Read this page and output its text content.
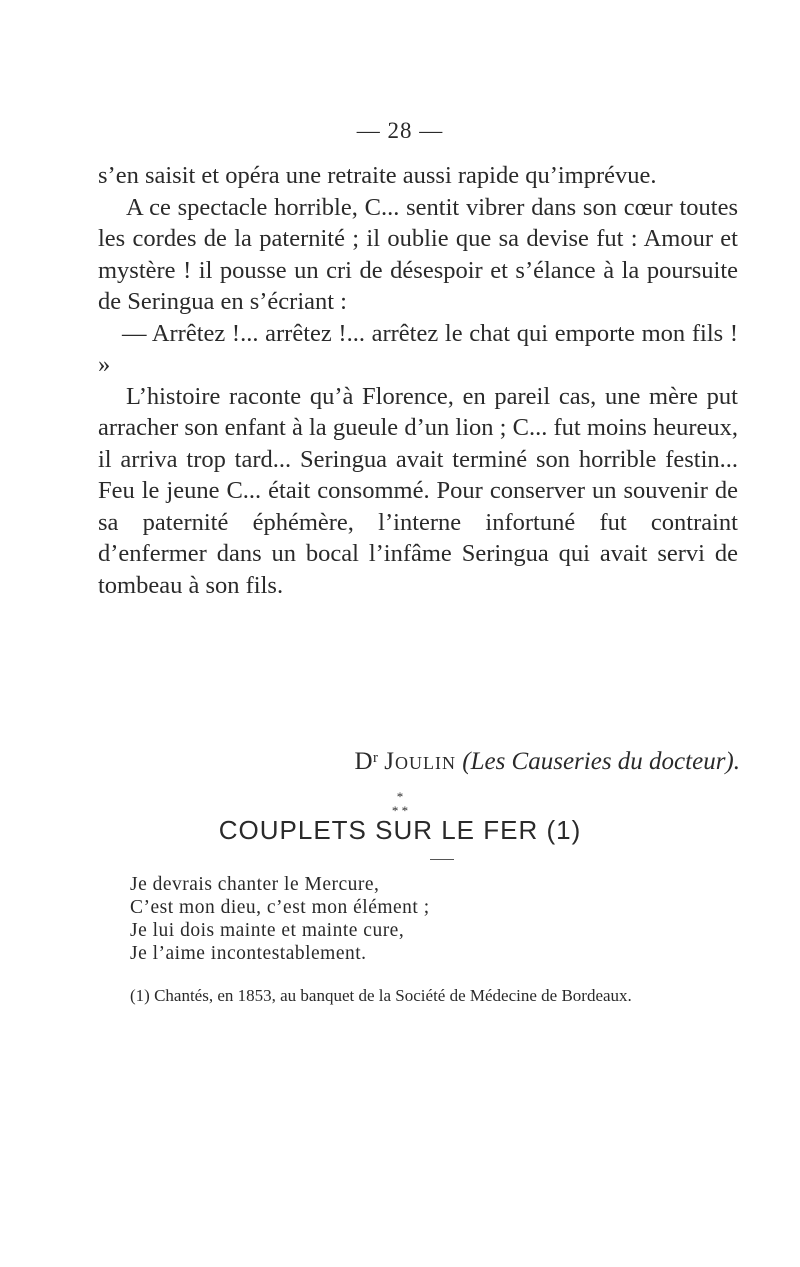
— 28 —

s’en saisit et opéra une retraite aussi rapide qu’imprévue.

A ce spectacle horrible, C... sentit vibrer dans son cœur toutes les cordes de la paternité ; il oublie que sa devise fut : Amour et mystère ! il pousse un cri de désespoir et s’élance à la poursuite de Seringua en s’écriant :

— Arrêtez !... arrêtez !... arrêtez le chat qui emporte mon fils ! »

L’histoire raconte qu’à Florence, en pareil cas, une mère put arracher son enfant à la gueule d’un lion ; C... fut moins heureux, il arriva trop tard... Seringua avait terminé son horrible festin... Feu le jeune C... était consommé. Pour conserver un souvenir de sa paternité éphémère, l’interne infortuné fut contraint d’enfermer dans un bocal l’infâme Seringua qui avait servi de tombeau à son fils.

Dʳ Joulin (Les Causeries du docteur).
*
* *
COUPLETS SUR LE FER (1)
Je devrais chanter le Mercure,
C’est mon dieu, c’est mon élément ;
Je lui dois mainte et mainte cure,
Je l’aime incontestablement.
(1) Chantés, en 1853, au banquet de la Société de Médecine de Bordeaux.
